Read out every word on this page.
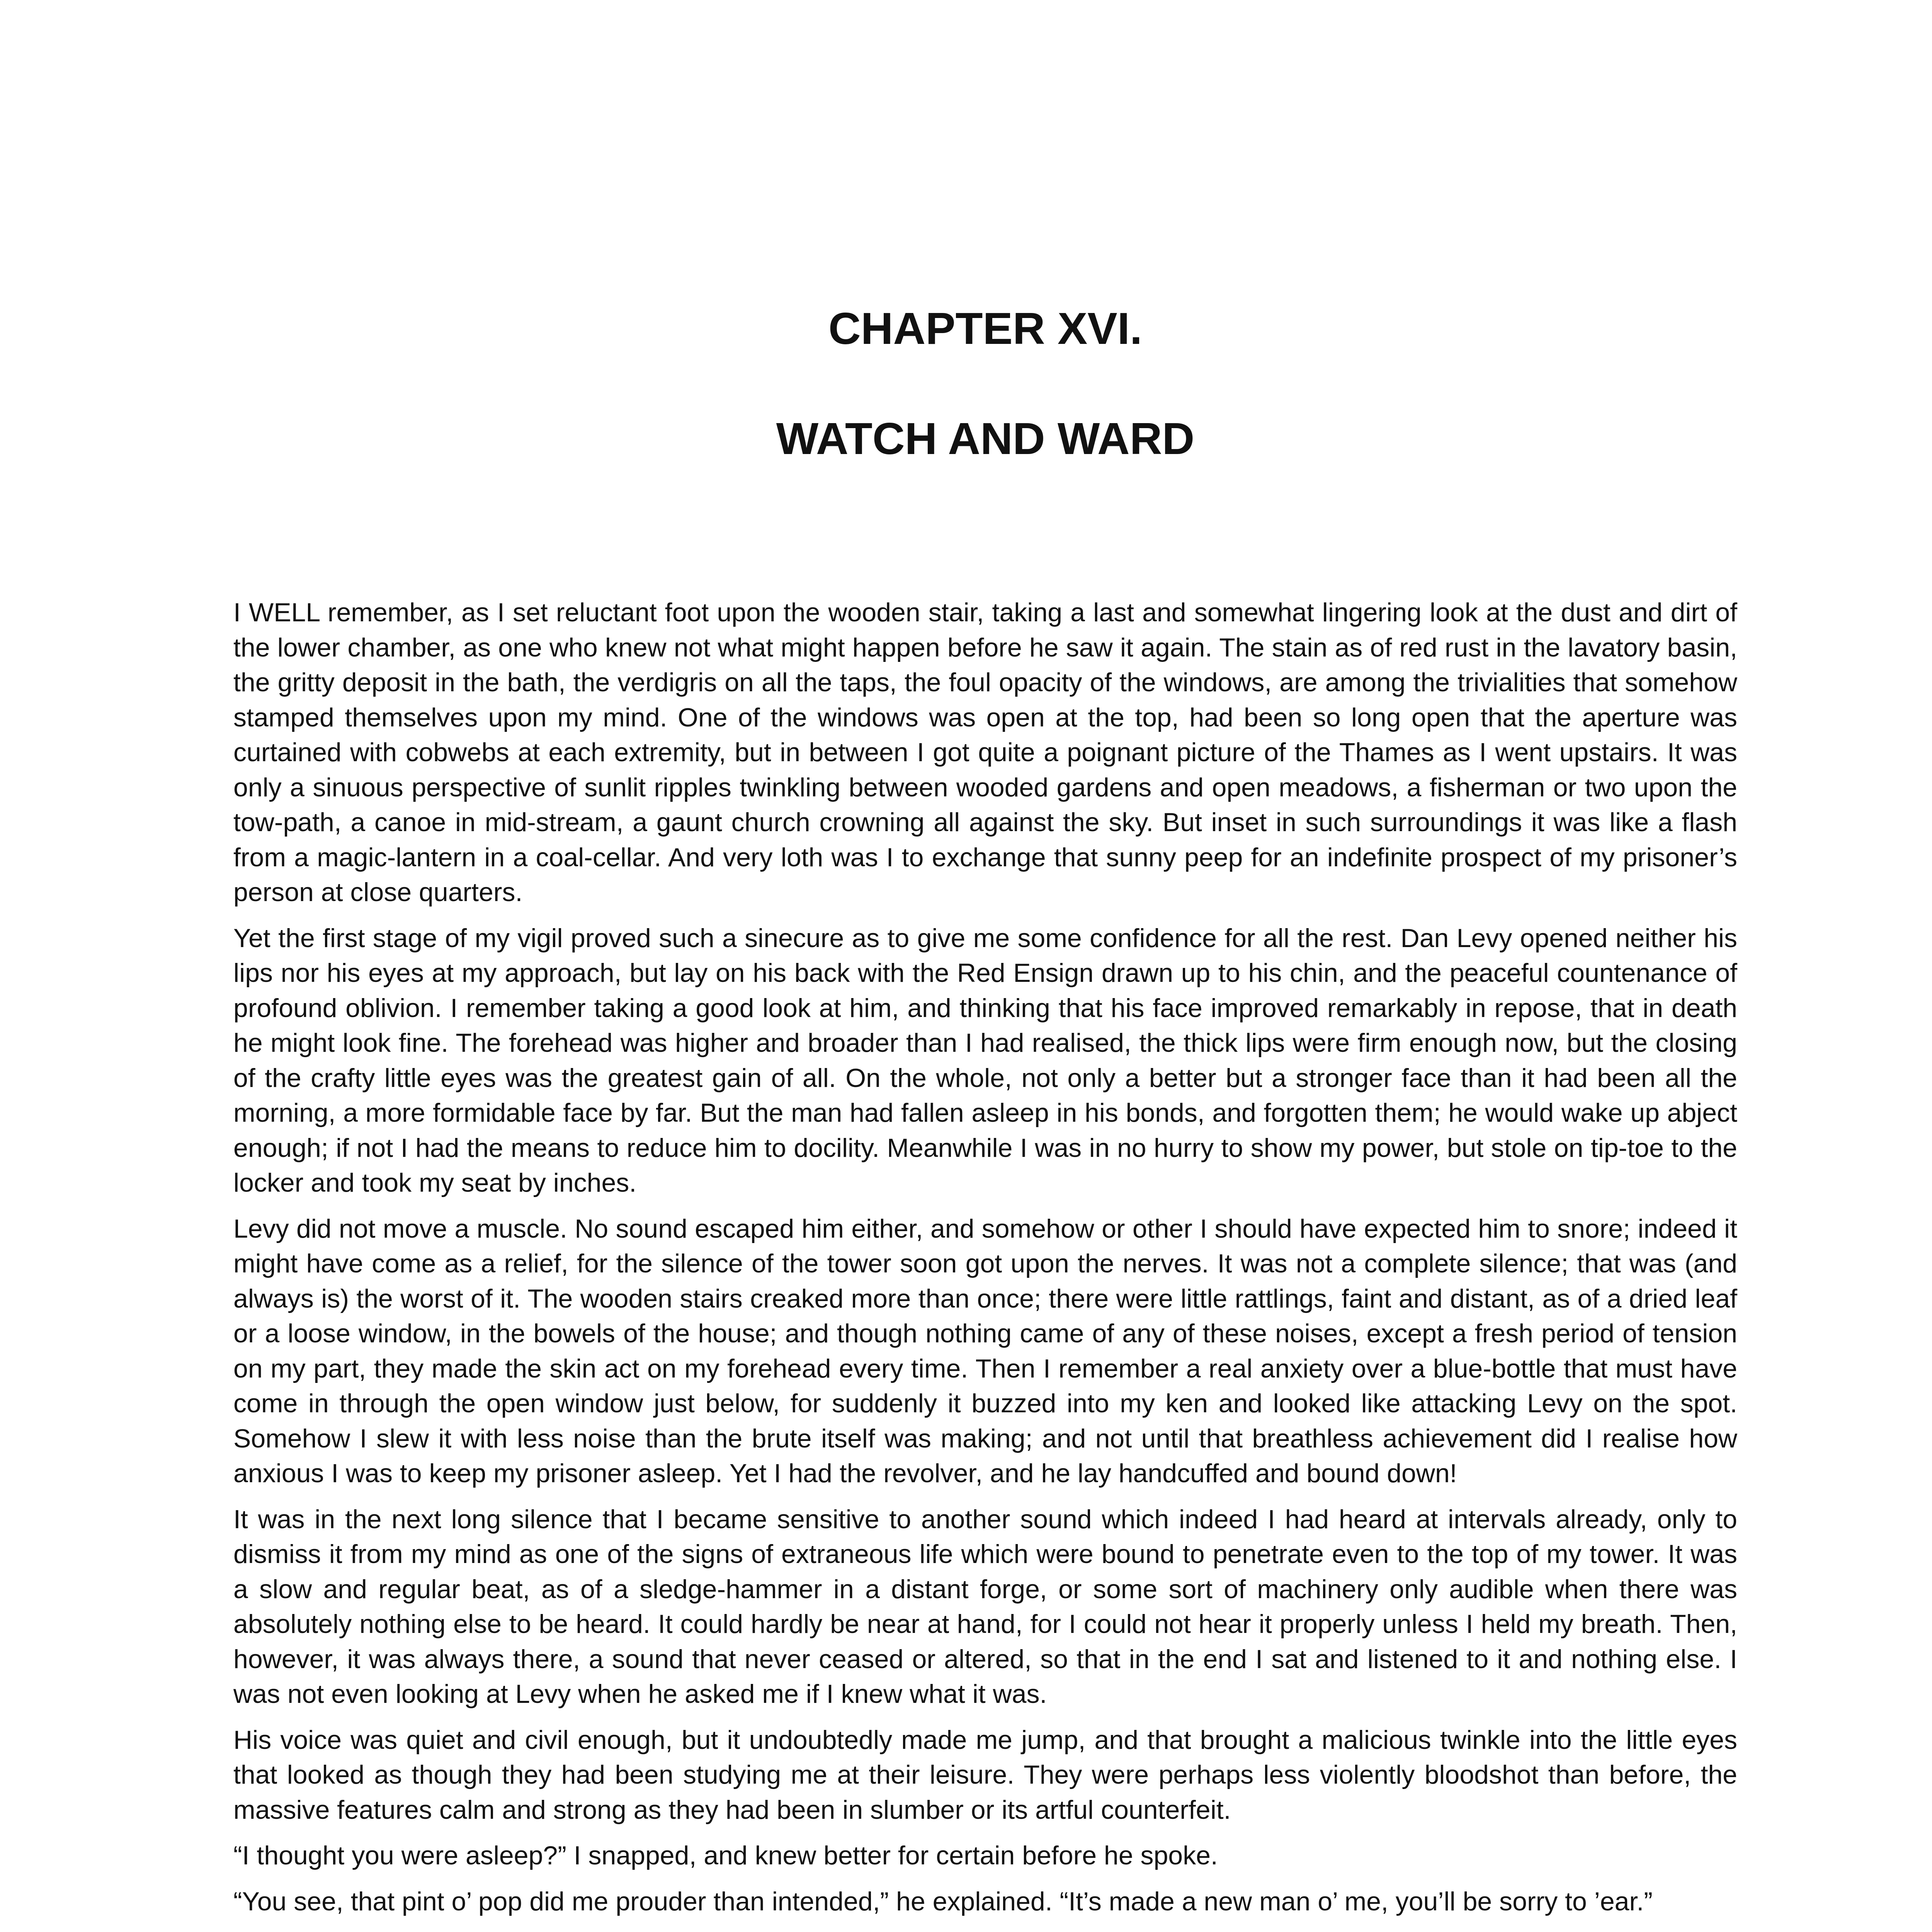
CHAPTER XVI.
WATCH AND WARD

I WELL remember, as I set reluctant foot upon the wooden stair, taking a last and somewhat lingering look at the dust and dirt of the lower chamber, as one who knew not what might happen before he saw it again. The stain as of red rust in the lavatory basin, the gritty deposit in the bath, the verdigris on all the taps, the foul opacity of the windows, are among the trivialities that somehow stamped themselves upon my mind. One of the windows was open at the top, had been so long open that the aperture was curtained with cobwebs at each extremity, but in between I got quite a poignant picture of the Thames as I went upstairs. It was only a sinuous perspective of sunlit ripples twinkling between wooded gardens and open meadows, a fisherman or two upon the tow-path, a canoe in mid-stream, a gaunt church crowning all against the sky. But inset in such surroundings it was like a flash from a magic-lantern in a coal-cellar. And very loth was I to exchange that sunny peep for an indefinite prospect of my prisoner’s person at close quarters.

Yet the first stage of my vigil proved such a sinecure as to give me some confidence for all the rest. Dan Levy opened neither his lips nor his eyes at my approach, but lay on his back with the Red Ensign drawn up to his chin, and the peaceful countenance of profound oblivion. I remember taking a good look at him, and thinking that his face improved remarkably in repose, that in death he might look fine. The forehead was higher and broader than I had realised, the thick lips were firm enough now, but the closing of the crafty little eyes was the greatest gain of all. On the whole, not only a better but a stronger face than it had been all the morning, a more formidable face by far. But the man had fallen asleep in his bonds, and forgotten them; he would wake up abject enough; if not I had the means to reduce him to docility. Meanwhile I was in no hurry to show my power, but stole on tip-toe to the locker and took my seat by inches.

Levy did not move a muscle. No sound escaped him either, and somehow or other I should have expected him to snore; indeed it might have come as a relief, for the silence of the tower soon got upon the nerves. It was not a complete silence; that was (and always is) the worst of it. The wooden stairs creaked more than once; there were little rattlings, faint and distant, as of a dried leaf or a loose window, in the bowels of the house; and though nothing came of any of these noises, except a fresh period of tension on my part, they made the skin act on my forehead every time. Then I remember a real anxiety over a blue-bottle that must have come in through the open window just below, for suddenly it buzzed into my ken and looked like attacking Levy on the spot. Somehow I slew it with less noise than the brute itself was making; and not until that breathless achievement did I realise how anxious I was to keep my prisoner asleep. Yet I had the revolver, and he lay handcuffed and bound down!

It was in the next long silence that I became sensitive to another sound which indeed I had heard at intervals already, only to dismiss it from my mind as one of the signs of extraneous life which were bound to penetrate even to the top of my tower. It was a slow and regular beat, as of a sledge-hammer in a distant forge, or some sort of machinery only audible when there was absolutely nothing else to be heard. It could hardly be near at hand, for I could not hear it properly unless I held my breath. Then, however, it was always there, a sound that never ceased or altered, so that in the end I sat and listened to it and nothing else. I was not even looking at Levy when he asked me if I knew what it was.

His voice was quiet and civil enough, but it undoubtedly made me jump, and that brought a malicious twinkle into the little eyes that looked as though they had been studying me at their leisure. They were perhaps less violently bloodshot than before, the massive features calm and strong as they had been in slumber or its artful counterfeit.

“I thought you were asleep?” I snapped, and knew better for certain before he spoke.

“You see, that pint o’ pop did me prouder than intended,” he explained. “It’s made a new man o’ me, you’ll be sorry to ’ear.”
